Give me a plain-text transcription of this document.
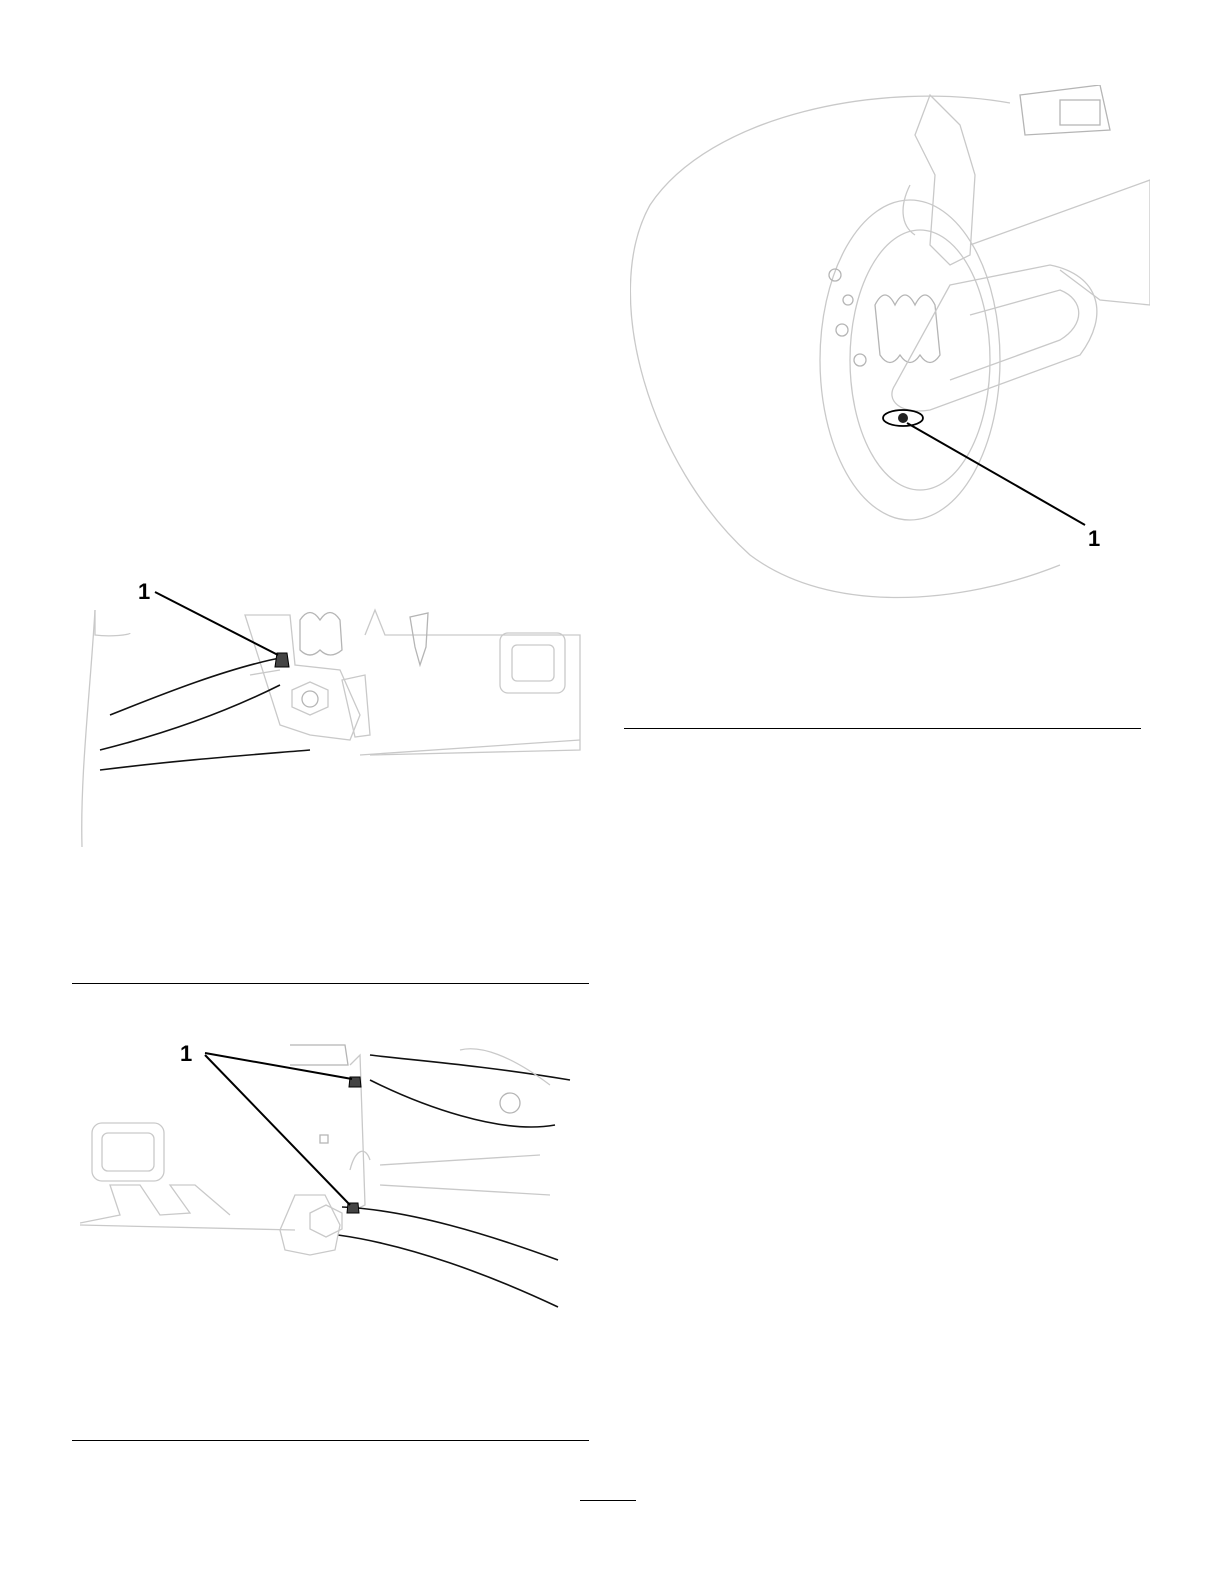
1
1
1
